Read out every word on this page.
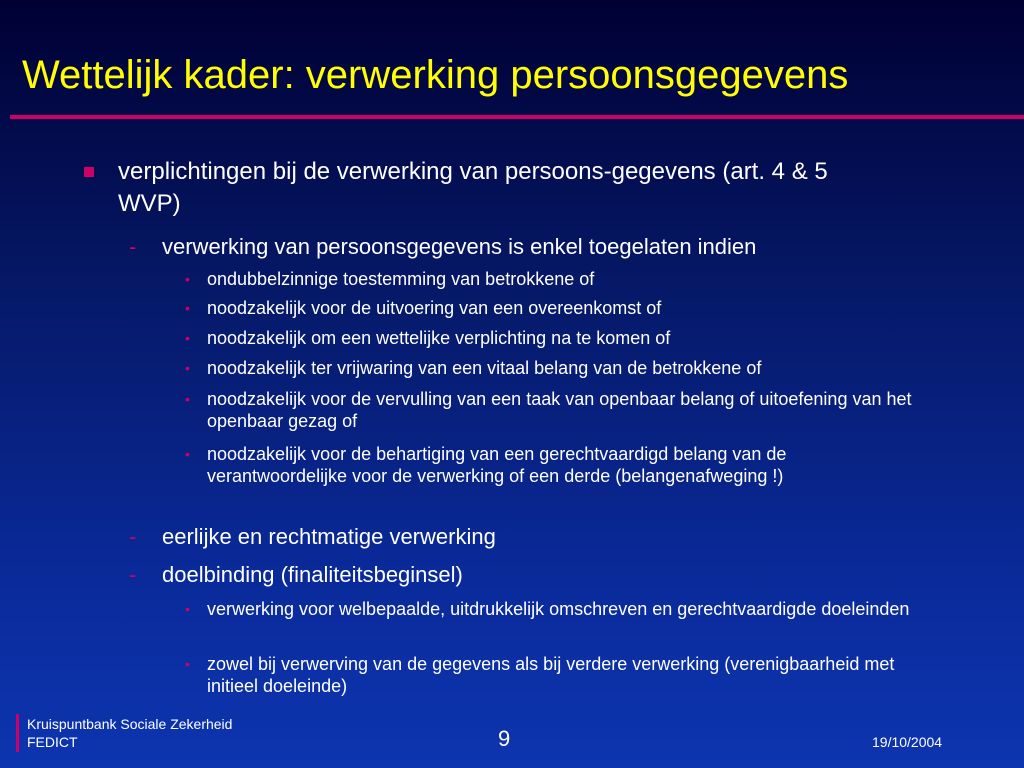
Wettelijk kader: verwerking persoonsgegevens
verplichtingen bij de verwerking van persoons-gegevens (art. 4 & 5 WVP)
- verwerking van persoonsgegevens is enkel toegelaten indien
• ondubbelzinnige toestemming van betrokkene of
• noodzakelijk voor de uitvoering van een overeenkomst of
• noodzakelijk om een wettelijke verplichting na te komen of
• noodzakelijk ter vrijwaring van een vitaal belang van de betrokkene of
• noodzakelijk voor de vervulling van een taak van openbaar belang of uitoefening van het openbaar gezag of
• noodzakelijk voor de behartiging van een gerechtvaardigd belang van de verantwoordelijke voor de verwerking of een derde (belangenafweging !)
- eerlijke en rechtmatige verwerking
- doelbinding (finaliteitsbeginsel)
• verwerking voor welbepaalde, uitdrukkelijk omschreven en gerechtvaardigde doeleinden
• zowel bij verwerving van de gegevens als bij verdere verwerking (verenigbaarheid met initieel doeleinde)
Kruispuntbank Sociale Zekerheid
FEDICT	9	19/10/2004
